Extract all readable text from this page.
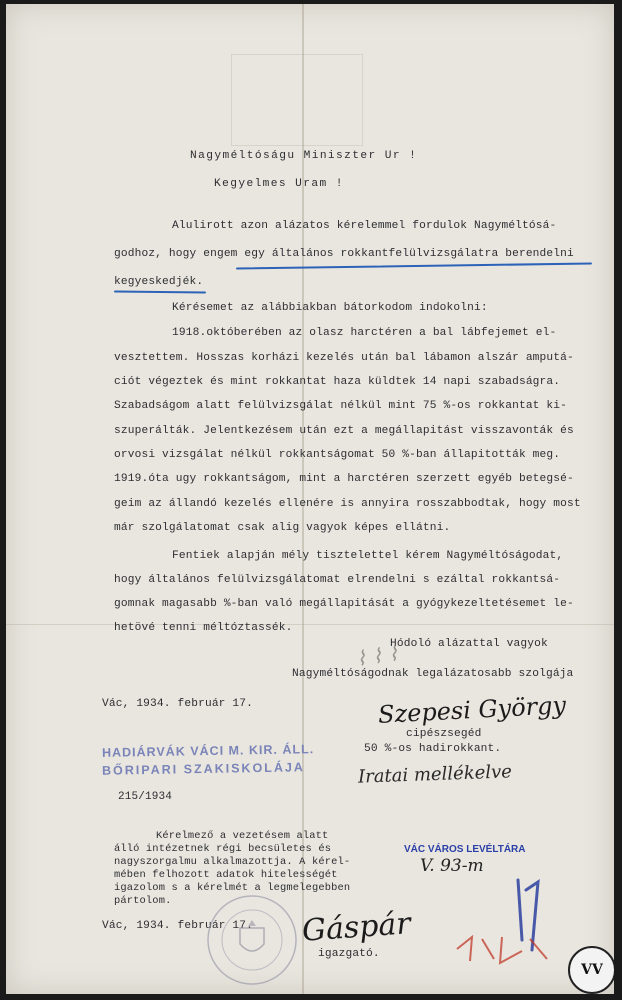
Nagyméltóságu Miniszter Ur !
Kegyelmes Uram !
Alulirott azon alázatos kérelemmel fordulok Nagyméltósá-
godhoz, hogy engem egy általános rokkantfelülvizsgálatra berendelni
kegyeskedjék.
Kérésemet az alábbiakban bátorkodom indokolni:
1918.októberében az olasz harctéren a bal lábfejemet el-
vesztettem. Hosszas korházi kezelés után bal lábamon alszár amputá-
ciót végeztek és mint rokkantat haza küldtek 14 napi szabadságra.
Szabadságom alatt felülvizsgálat nélkül mint 75 %-os rokkantat ki-
szuperálták. Jelentkezésem után ezt a megállapitást visszavonták és
orvosi vizsgálat nélkül rokkantságomat 50 %-ban állapitották meg.
1919.óta ugy rokkantságom, mint a harctéren szerzett egyéb betegsé-
geim az állandó kezelés ellenére is annyira rosszabbodtak, hogy most
már szolgálatomat csak alig vagyok képes ellátni.
Fentiek alapján mély tisztelettel kérem Nagyméltóságodat,
hogy általános felülvizsgálatomat elrendelni s ezáltal rokkantsá-
gomnak magasabb %-ban való megállapitását a gyógykezeltetésemet le-
hetövé tenni méltóztassék.
Hódoló alázattal vagyok
Nagyméltóságodnak legalázatosabb szolgája
⌇ ⌇ ⌇
Vác, 1934. február 17.	Szepesi György
cipészsegéd
50 %-os hadirokkant.
Iratai mellékelve
HADIÁRVÁK VÁCI M. KIR. ÁLL.
BŐRIPARI SZAKISKOLÁJA
215/1934
Kérelmező a vezetésem alatt
álló intézetnek régi becsületes és
nagyszorgalmu alkalmazottja. A kérel-
mében felhozott adatok hitelességét
igazolom s a kérelmét a legmelegebben
pártolom.
Vác, 1934. február 17. Gáspár
igazgató.
VÁC VÁROS LEVÉLTÁRA
V. 93-m
VV
